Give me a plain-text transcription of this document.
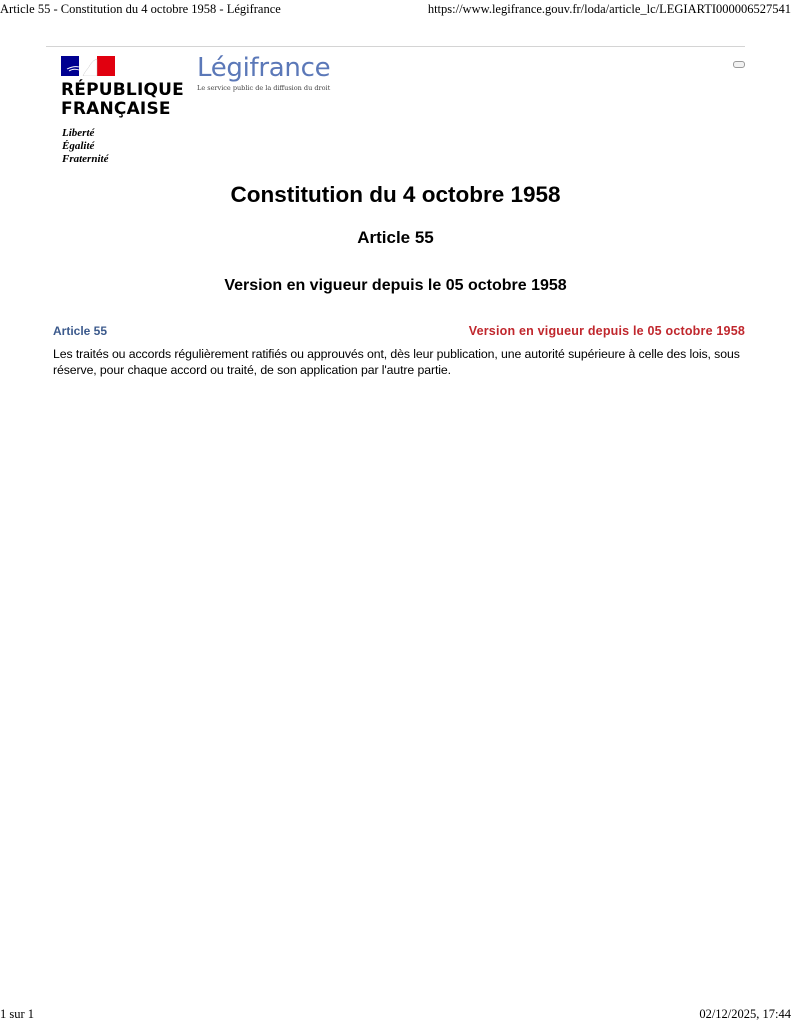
Article 55 - Constitution du 4 octobre 1958 - Légifrance	https://www.legifrance.gouv.fr/loda/article_lc/LEGIARTI000006527541
RÉPUBLIQUE
FRANÇAISE
Liberté
Égalité
Fraternité
Légifrance
Le service public de la diffusion du droit
Constitution du 4 octobre 1958
Article 55
Version en vigueur depuis le 05 octobre 1958
Article 55	Version en vigueur depuis le 05 octobre 1958
Les traités ou accords régulièrement ratifiés ou approuvés ont, dès leur publication, une autorité supérieure à celle des lois, sous réserve, pour chaque accord ou traité, de son application par l'autre partie.
1 sur 1	02/12/2025, 17:44
